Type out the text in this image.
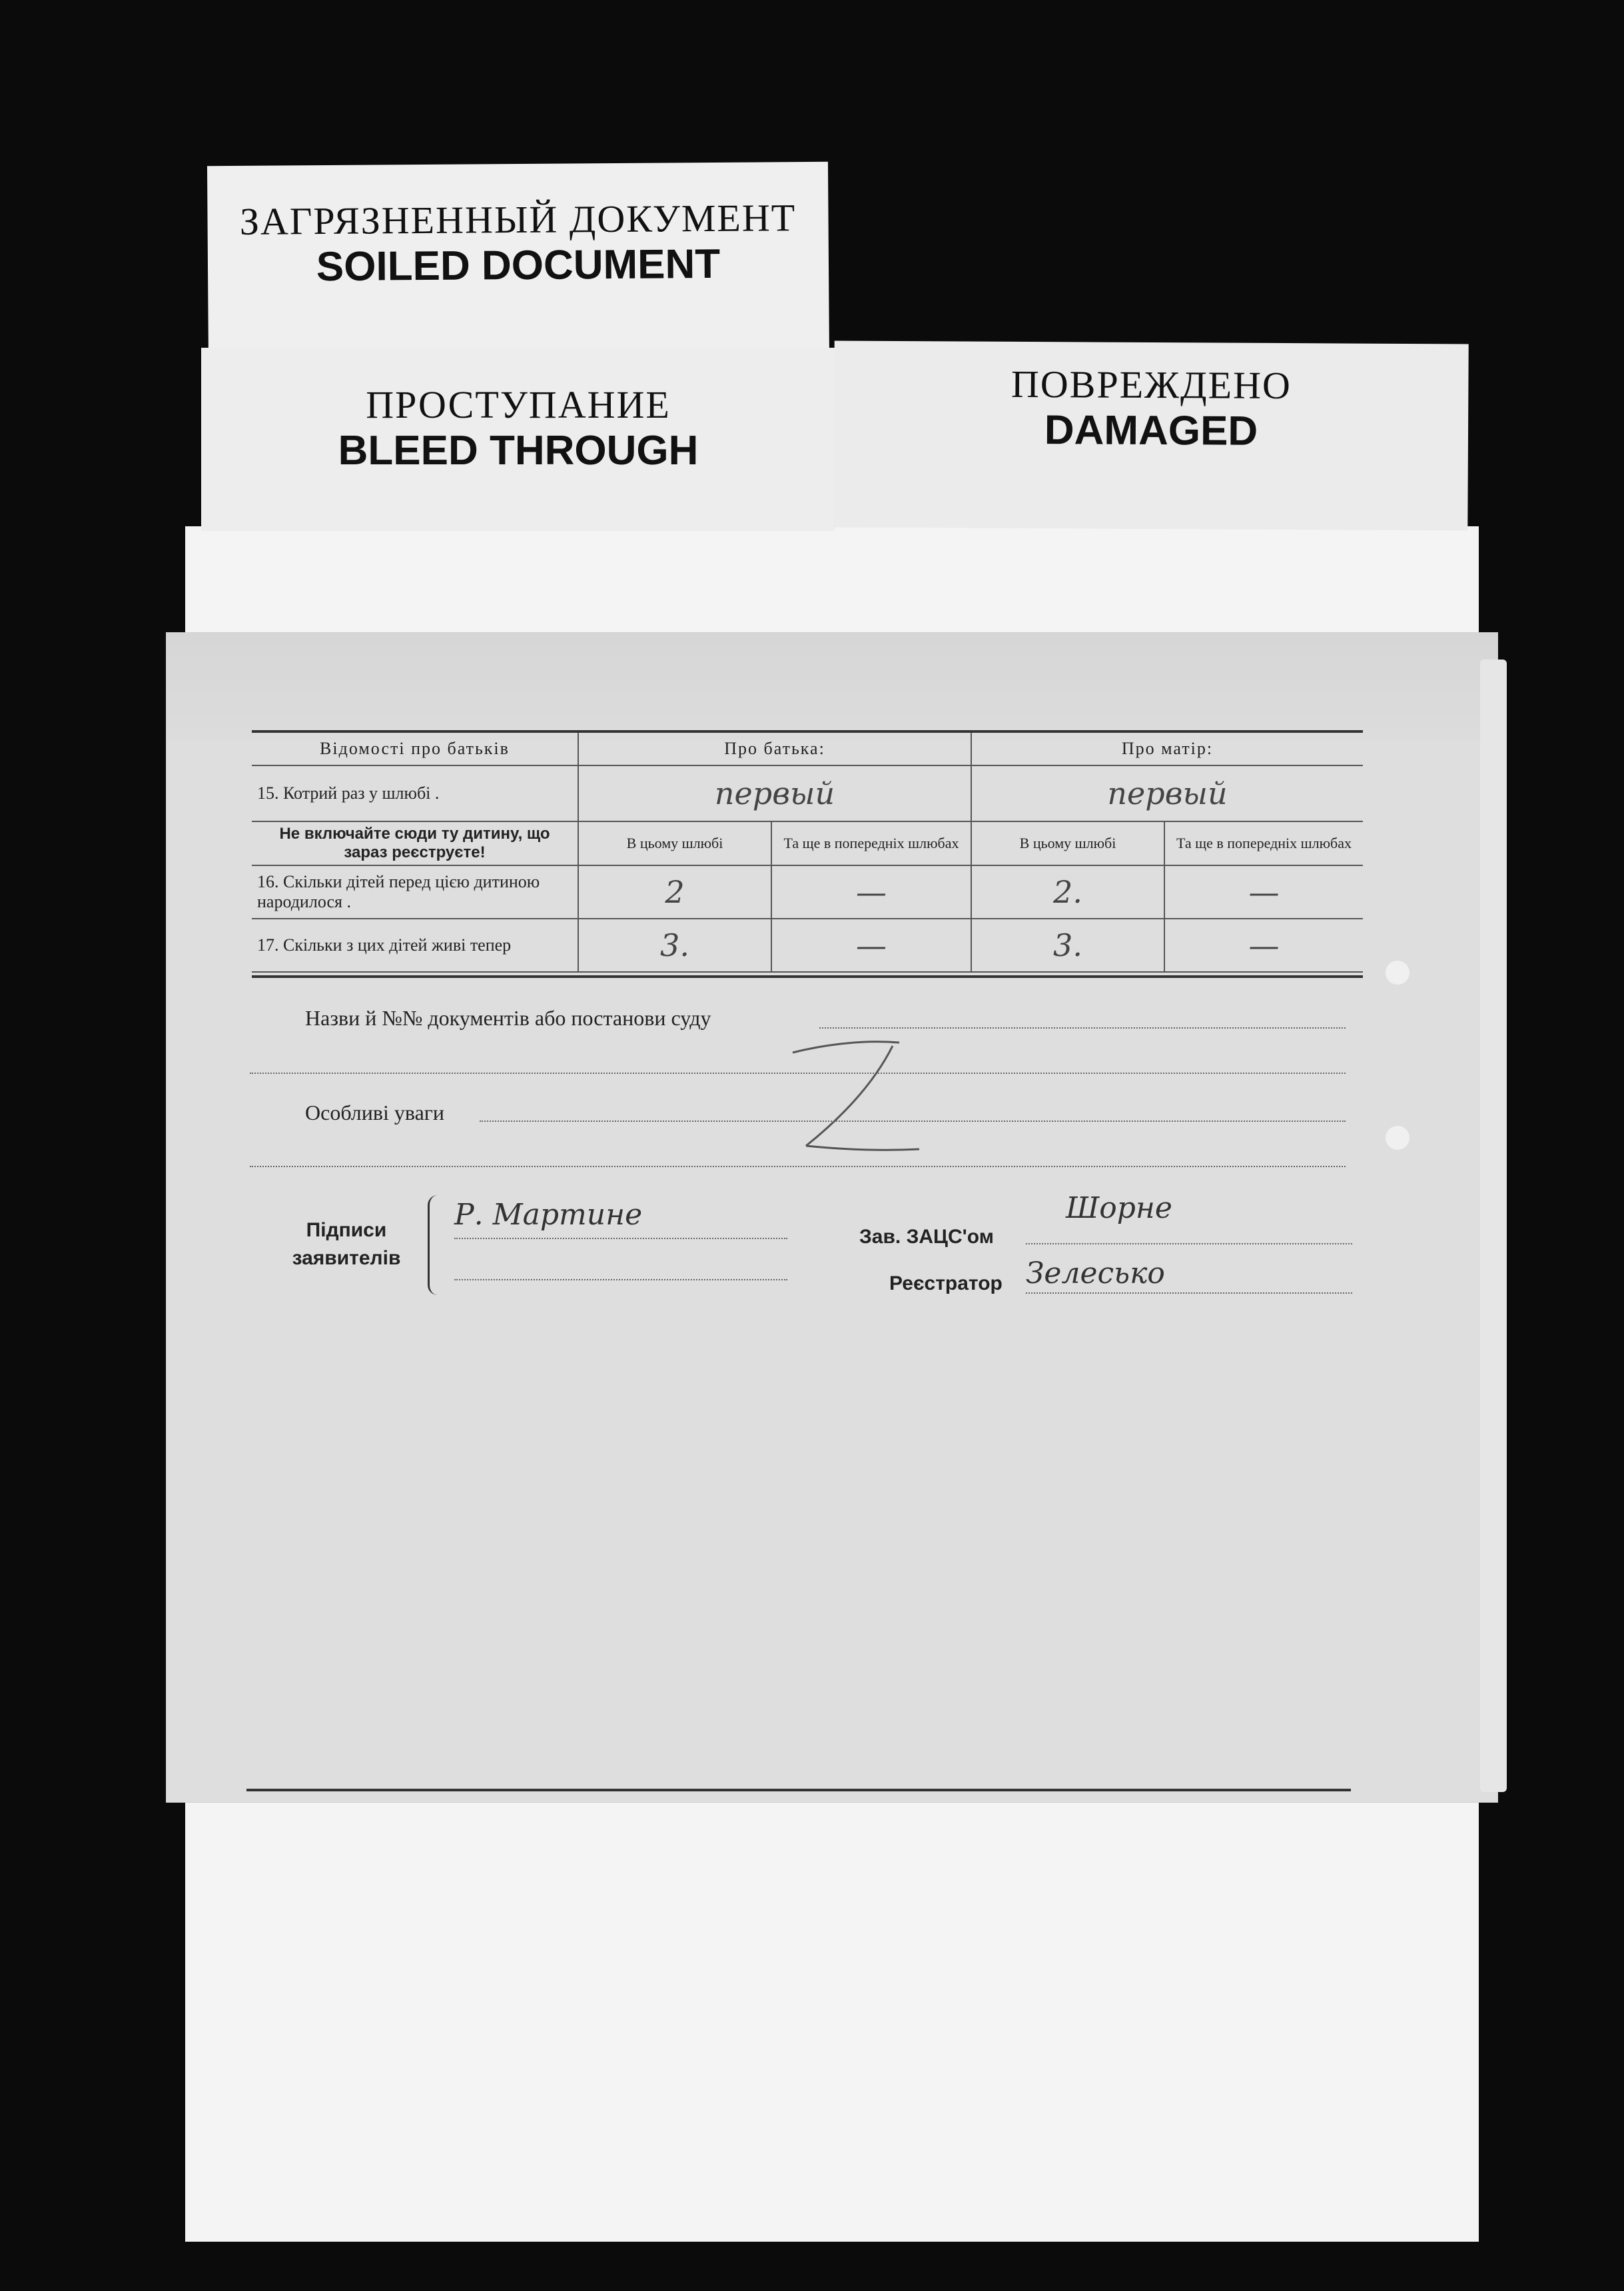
ЗАГРЯЗНЕННЫЙ ДОКУМЕНТ
SOILED DOCUMENT
ПРОСТУПАНИЕ
BLEED THROUGH
ПОВРЕЖДЕНО
DAMAGED
Відомості про батьків	Про батька:		Про матір:	
15. Котрий раз у шлюбі .	первый		первый	
Не включайте сюди ту дитину, що зараз реєструєте!	В цьому шлюбі	Та ще в попередніх шлюбах	В цьому шлюбі	Та ще в попередніх шлюбах
16. Скільки дітей перед цією дитиною народилося .	2	—	2.	—
17. Скільки з цих дітей живі тепер	3.	—	3.	—
Назви й №№ документів або постанови суду
Особливі уваги
Підписи заявителів
Р. Мартине
Зав. ЗАЦС'ом
Шорне
Реєстратор Зелесько
